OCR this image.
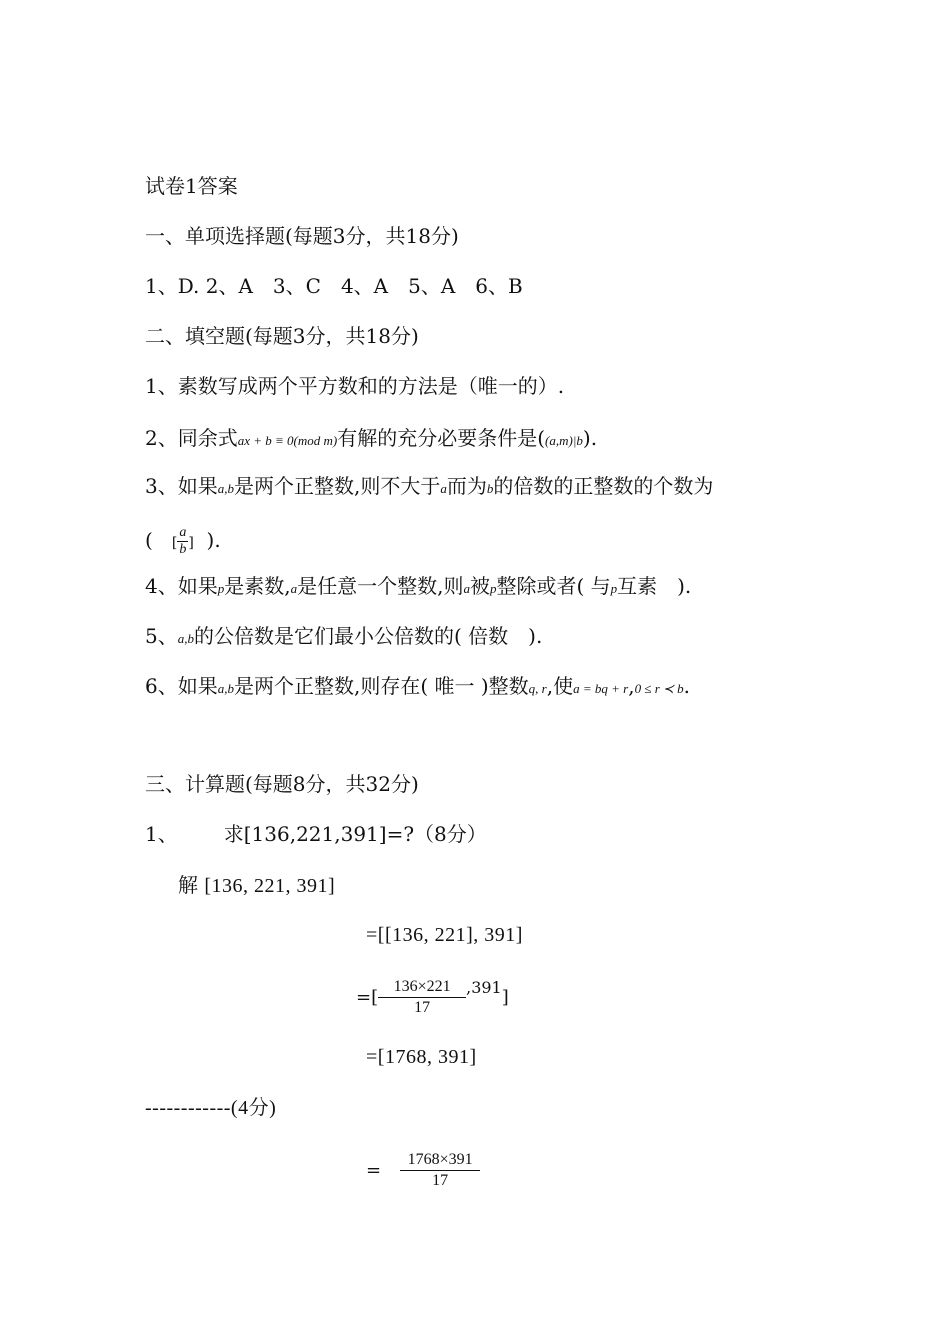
试卷1答案
一、单项选择题(每题3分，共18分)
1、D. 2、A　3、C　4、A　5、A　6、B
二、填空题(每题3分，共18分)
1、素数写成两个平方数和的方法是（唯一的）.
2、同余式ax + b ≡ 0(mod m)有解的充分必要条件是((a,m)|b).
3、如果a,b是两个正整数,则不大于a而为b的倍数的正整数的个数为
( [ $\frac{a}{b}$ ] ).
4、如果p是素数,a是任意一个整数,则a被p整除或者( 与p互素　).
5、a,b的公倍数是它们最小公倍数的( 倍数　).
6、如果a,b是两个正整数,则存在( 唯一 )整数q, r,使a = bq + r,0 ≤ r ≺ b.
三、计算题(每题8分，共32分)
1、 求[136,221,391]=?（8分）
解 [136, 221, 391]
=[[136, 221], 391]
=[ $\frac{136\times 221}{17} ^{,391}$]
=[1768, 391]
------------(4分)
= $\frac{1768\times 391}{17}$
